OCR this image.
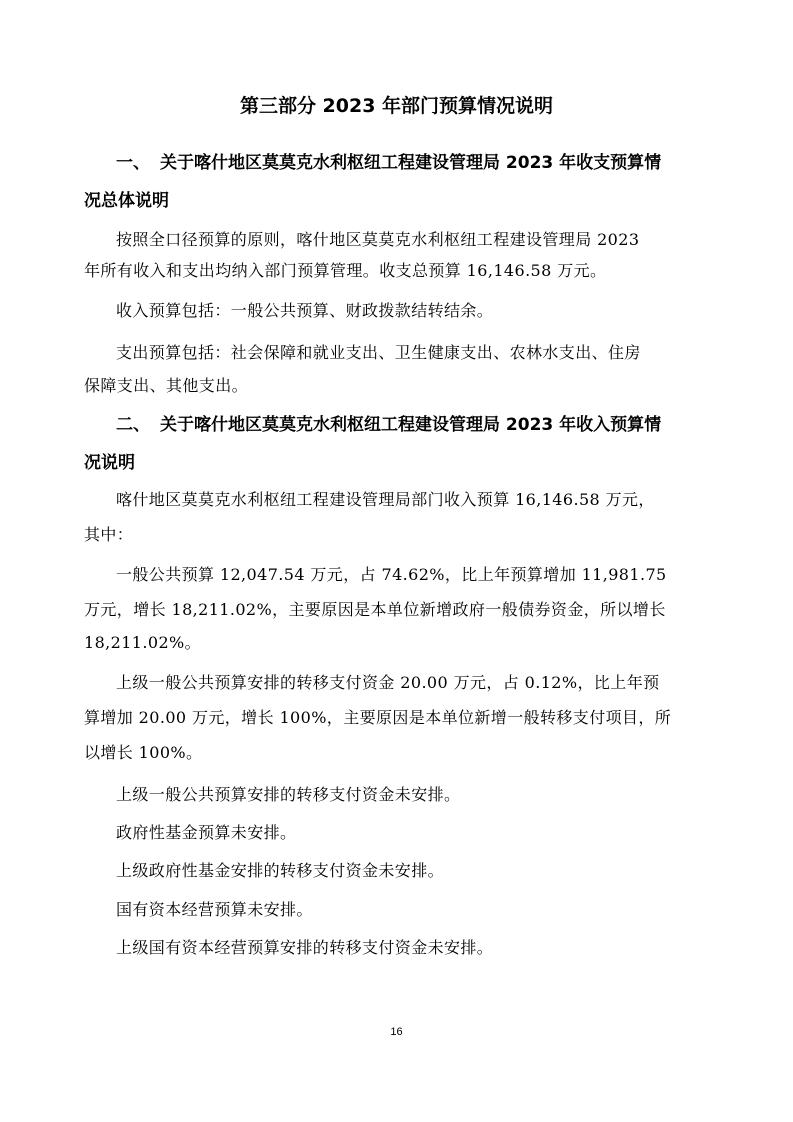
第三部分 2023 年部门预算情况说明
一、 关于喀什地区莫莫克水利枢纽工程建设管理局 2023 年收支预算情
况总体说明
按照全口径预算的原则，喀什地区莫莫克水利枢纽工程建设管理局 2023
年所有收入和支出均纳入部门预算管理。收支总预算 16,146.58 万元。
收入预算包括：一般公共预算、财政拨款结转结余。
支出预算包括：社会保障和就业支出、卫生健康支出、农林水支出、住房
保障支出、其他支出。
二、 关于喀什地区莫莫克水利枢纽工程建设管理局 2023 年收入预算情
况说明
喀什地区莫莫克水利枢纽工程建设管理局部门收入预算 16,146.58 万元，
其中：
一般公共预算 12,047.54 万元，占 74.62%，比上年预算增加 11,981.75
万元，增长 18,211.02%，主要原因是本单位新增政府一般债券资金，所以增长
18,211.02%。
上级一般公共预算安排的转移支付资金 20.00 万元，占 0.12%，比上年预
算增加 20.00 万元，增长 100%，主要原因是本单位新增一般转移支付项目，所
以增长 100%。
上级一般公共预算安排的转移支付资金未安排。
政府性基金预算未安排。
上级政府性基金安排的转移支付资金未安排。
国有资本经营预算未安排。
上级国有资本经营预算安排的转移支付资金未安排。
16
